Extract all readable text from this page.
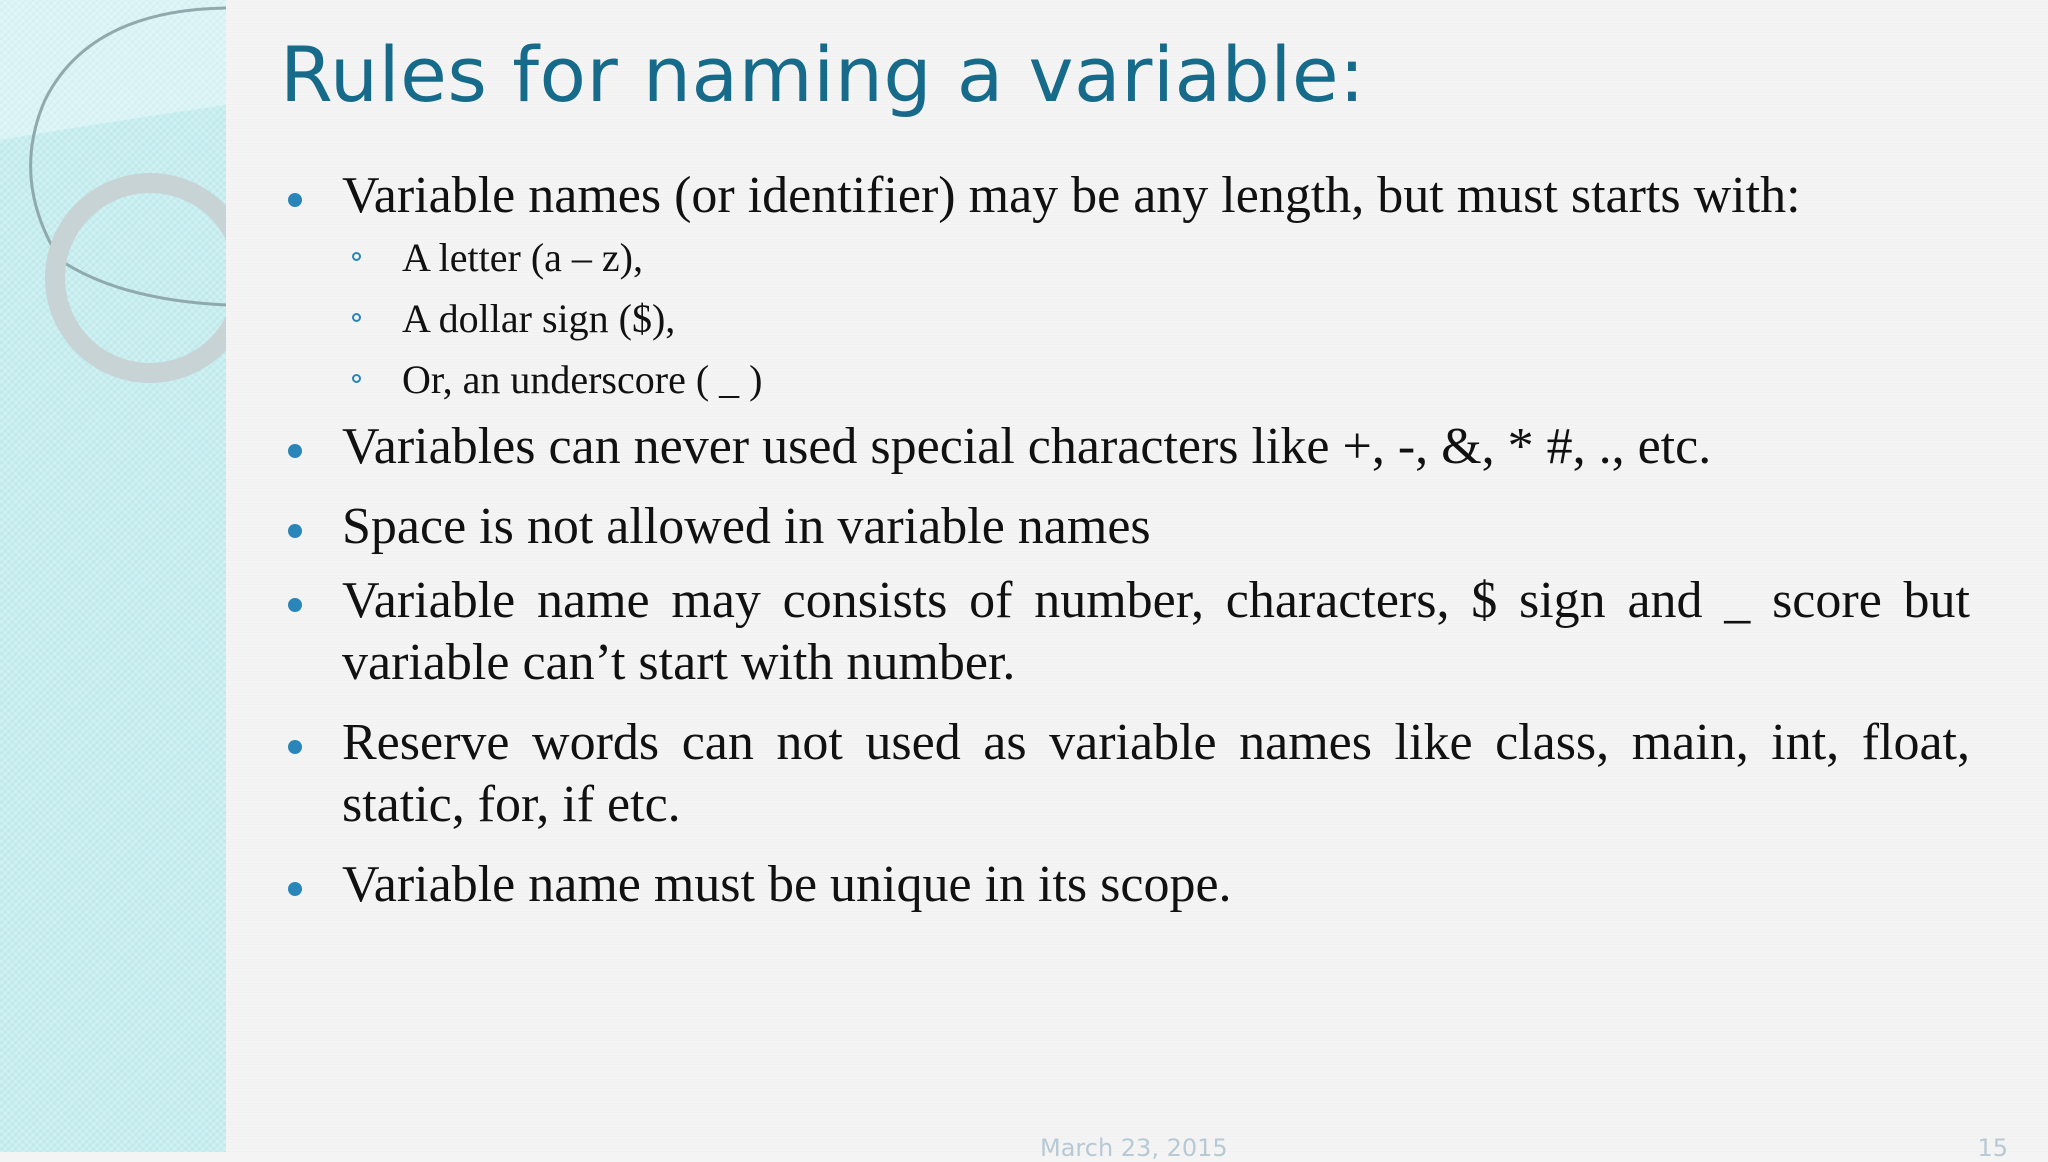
Rules for naming a variable:
Variable names (or identifier) may be any length, but must starts with:
A letter (a – z),
A dollar sign ($),
Or, an underscore ( _ )
Variables can never used special characters like +, -, &, * #, ., etc.
Space is not allowed in variable names
Variable name may consists of number, characters, $ sign and _ score but variable can’t start with number.
Reserve words can not used as variable names like class, main, int, float, static, for, if etc.
Variable name must be unique in its scope.
March 23, 2015	15
